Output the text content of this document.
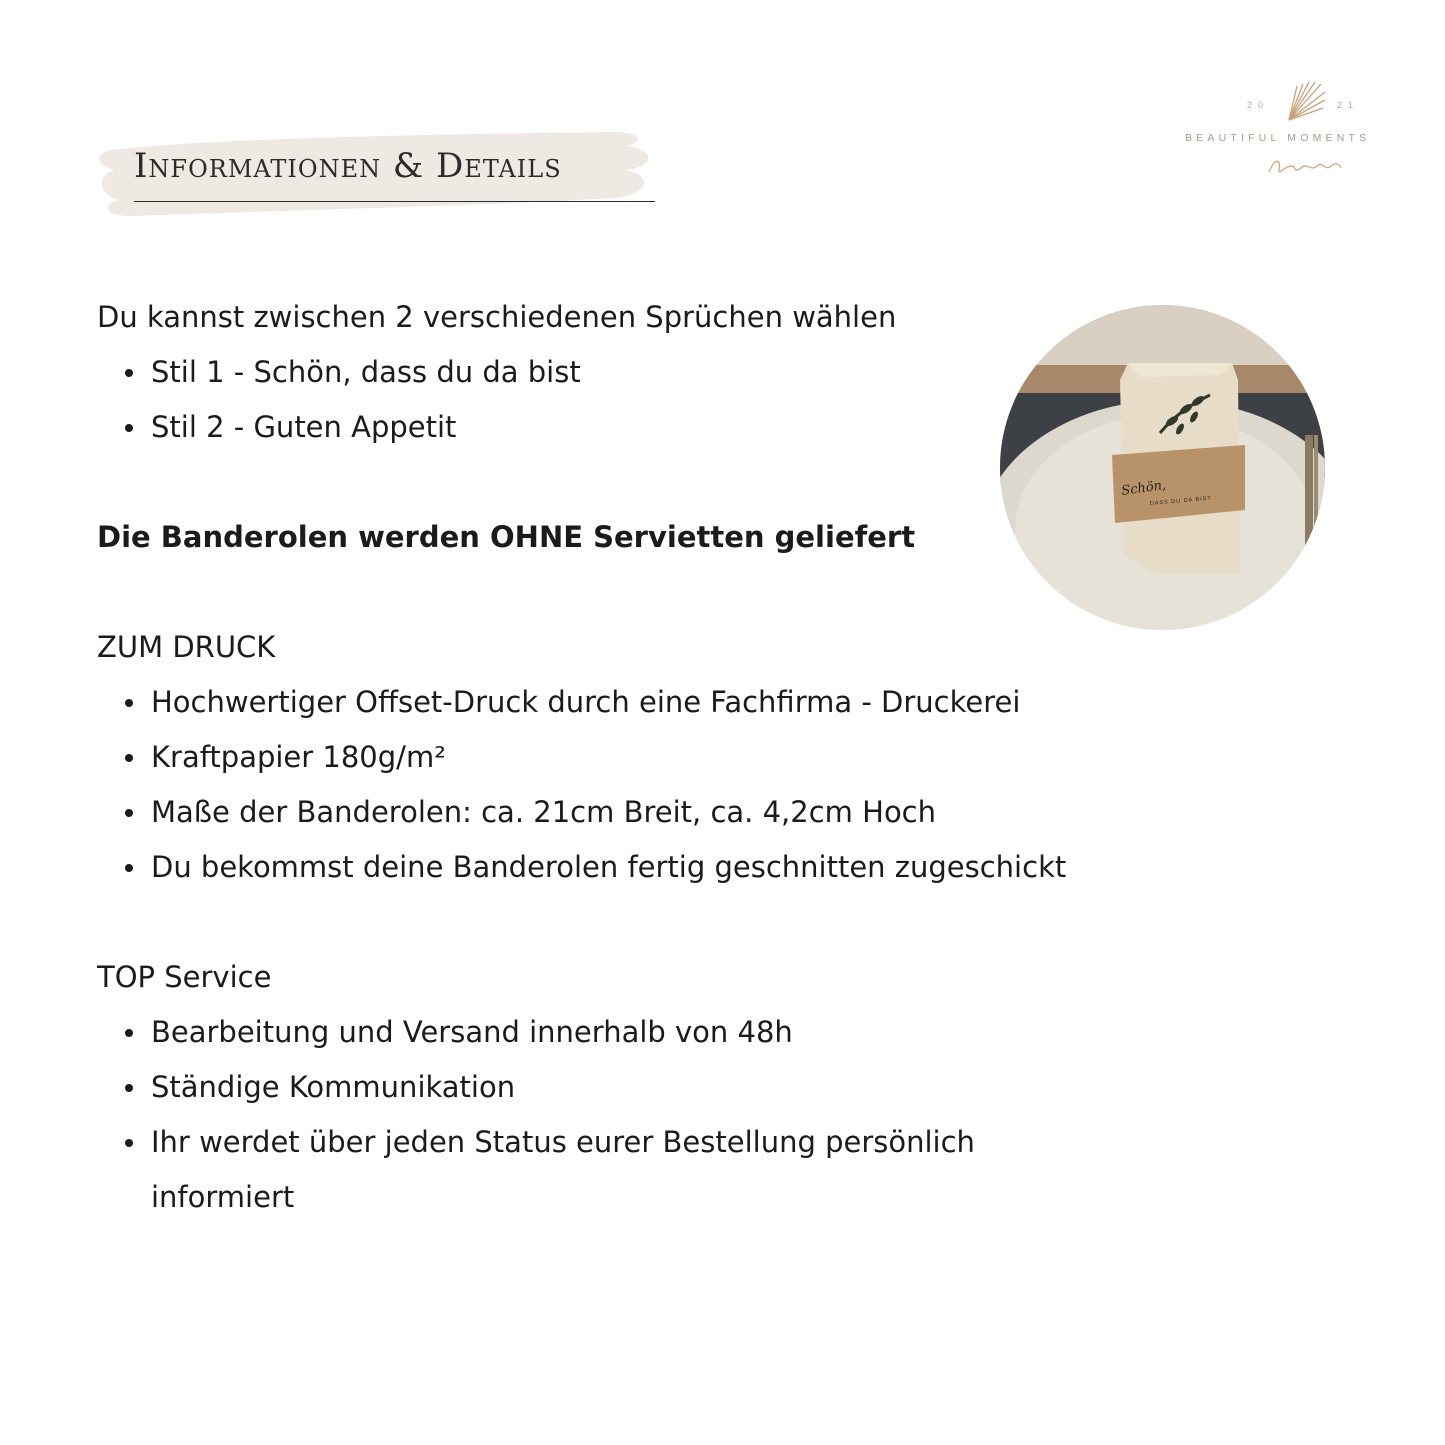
Informationen & Details
20	21
BEAUTIFUL MOMENTS

Du kannst zwischen 2 verschiedenen Sprüchen wählen

Stil 1 - Schön, dass du da bist
Stil 2 - Guten Appetit

Die Banderolen werden OHNE Servietten geliefert

ZUM DRUCK

Hochwertiger Offset-Druck durch eine Fachfirma - Druckerei
Kraftpapier 180g/m²
Maße der Banderolen: ca. 21cm Breit, ca. 4,2cm Hoch
Du bekommst deine Banderolen fertig geschnitten zugeschickt

TOP Service

Bearbeitung und Versand innerhalb von 48h
Ständige Kommunikation
Ihr werdet über jeden Status eurer Bestellung persönlich informiert
Schön,
DASS DU DA BIST
